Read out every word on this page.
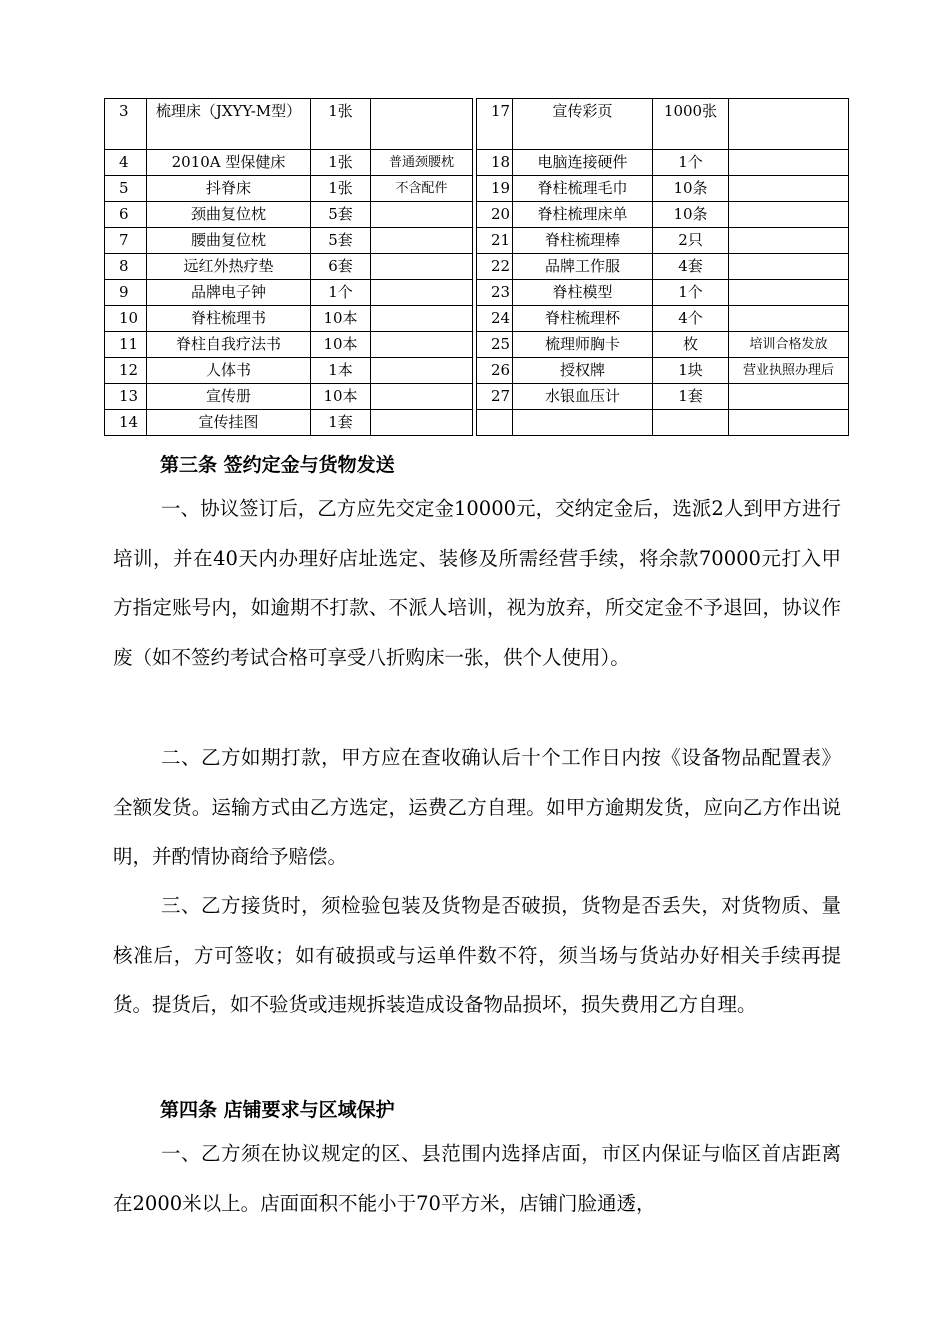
3	梳理床（JXYY-M型）	1张			17	宣传彩页	1000张	
4	2010A 型保健床	1张	普通颈腰枕		18	电脑连接硬件	1个	
5	抖脊床	1张	不含配件		19	脊柱梳理毛巾	10条	
6	颈曲复位枕	5套			20	脊柱梳理床单	10条	
7	腰曲复位枕	5套			21	脊柱梳理棒	2只	
8	远红外热疗垫	6套			22	品牌工作服	4套	
9	品牌电子钟	1个			23	脊柱模型	1个	
10	脊柱梳理书	10本			24	脊柱梳理杯	4个	
11	脊柱自我疗法书	10本			25	梳理师胸卡	枚	培训合格发放
12	人体书	1本			26	授权牌	1块	营业执照办理后
13	宣传册	10本			27	水银血压计	1套	
14	宣传挂图	1套						
第三条 签约定金与货物发送

一、协议签订后，乙方应先交定金10000元，交纳定金后，选派2人到甲方进行培训，并在40天内办理好店址选定、装修及所需经营手续，将余款70000元打入甲方指定账号内，如逾期不打款、不派人培训，视为放弃，所交定金不予退回，协议作废（如不签约考试合格可享受八折购床一张，供个人使用）。

二、乙方如期打款，甲方应在查收确认后十个工作日内按《设备物品配置表》全额发货。运输方式由乙方选定，运费乙方自理。如甲方逾期发货，应向乙方作出说明，并酌情协商给予赔偿。

三、乙方接货时，须检验包装及货物是否破损，货物是否丢失，对货物质、量核准后，方可签收；如有破损或与运单件数不符，须当场与货站办好相关手续再提货。提货后，如不验货或违规拆装造成设备物品损坏，损失费用乙方自理。

第四条 店铺要求与区域保护

一、乙方须在协议规定的区、县范围内选择店面，市区内保证与临区首店距离在2000米以上。店面面积不能小于70平方米，店铺门脸通透，
